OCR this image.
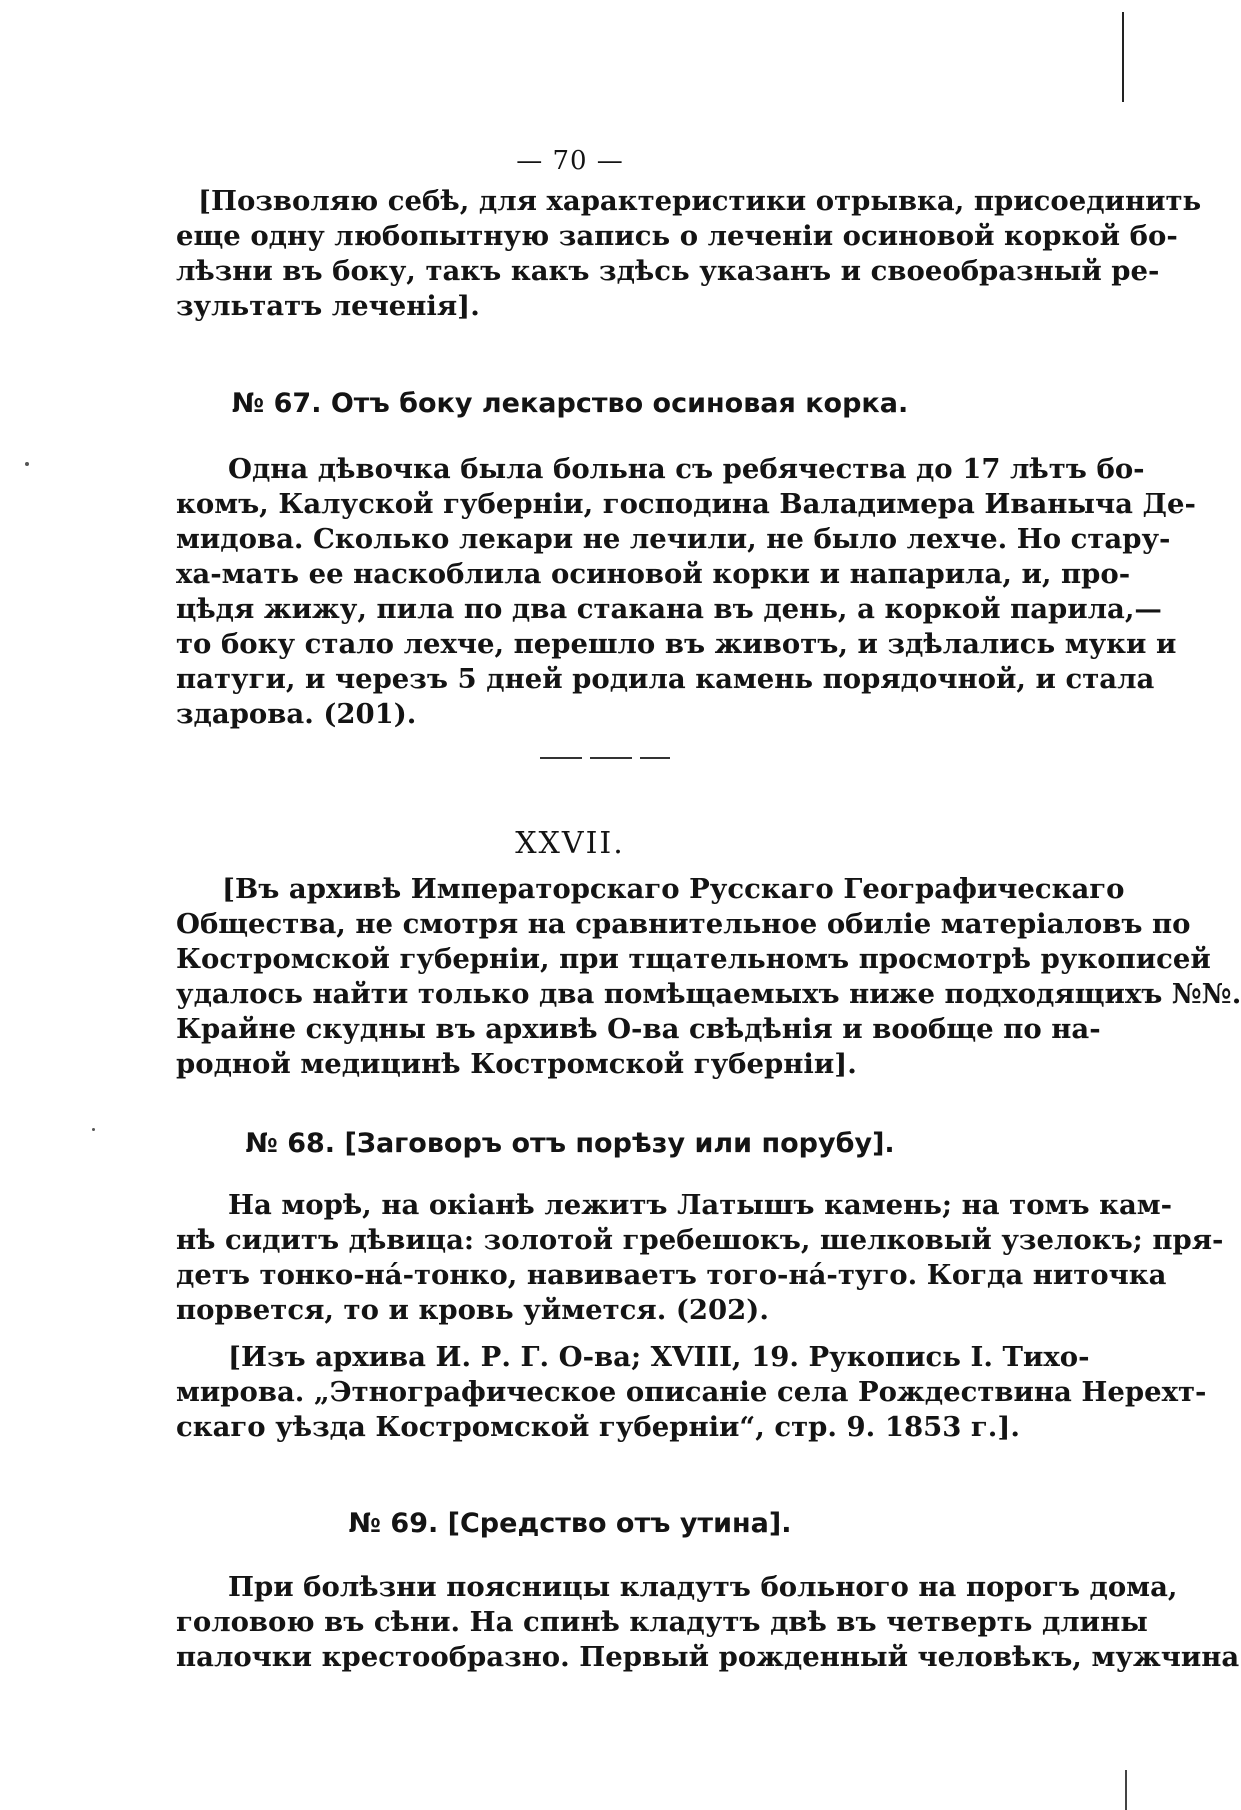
— 70 —
[Позволяю себѣ, для характеристики отрывка, присоединить
еще одну любопытную запись о леченіи осиновой коркой бо-
лѣзни въ боку, такъ какъ здѣсь указанъ и своеобразный ре-
зультатъ леченія].
№ 67. Отъ боку лекарство осиновая корка.
Одна дѣвочка была больна съ ребячества до 17 лѣтъ бо-
комъ, Калуской губерніи, господина Валадимера Иваныча Де-
мидова. Сколько лекари не лечили, не было лехче. Но стару-
ха-мать ее наскоблила осиновой корки и напарила, и, про-
цѣдя жижу, пила по два стакана въ день, а коркой парила,—
то боку стало лехче, перешло въ животъ, и здѣлались муки и
патуги, и черезъ 5 дней родила камень порядочной, и стала
здарова. (201).
XXVII.
[Въ архивѣ Императорскаго Русскаго Географическаго
Общества, не смотря на сравнительное обиліе матеріаловъ по
Костромской губерніи, при тщательномъ просмотрѣ рукописей
удалось найти только два помѣщаемыхъ ниже подходящихъ №№.
Крайне скудны въ архивѣ О-ва свѣдѣнія и вообще по на-
родной медицинѣ Костромской губерніи].
№ 68. [Заговоръ отъ порѣзу или порубу].
На морѣ, на окіанѣ лежитъ Латышъ камень; на томъ кам-
нѣ сидитъ дѣвица: золотой гребешокъ, шелковый узелокъ; пря-
детъ тонко-на́-тонко, навиваетъ того-на́-туго. Когда ниточка
порвется, то и кровь уймется. (202).
[Изъ архива И. Р. Г. О-ва; XVIII, 19. Рукопись I. Тихо-
мирова. „Этнографическое описаніе села Рождествина Нерехт-
скаго уѣзда Костромской губерніи“, стр. 9. 1853 г.].
№ 69. [Средство отъ утина].
При болѣзни поясницы кладутъ больного на порогъ дома,
головою въ сѣни. На спинѣ кладутъ двѣ въ четверть длины
палочки крестообразно. Первый рожденный человѣкъ, мужчина
